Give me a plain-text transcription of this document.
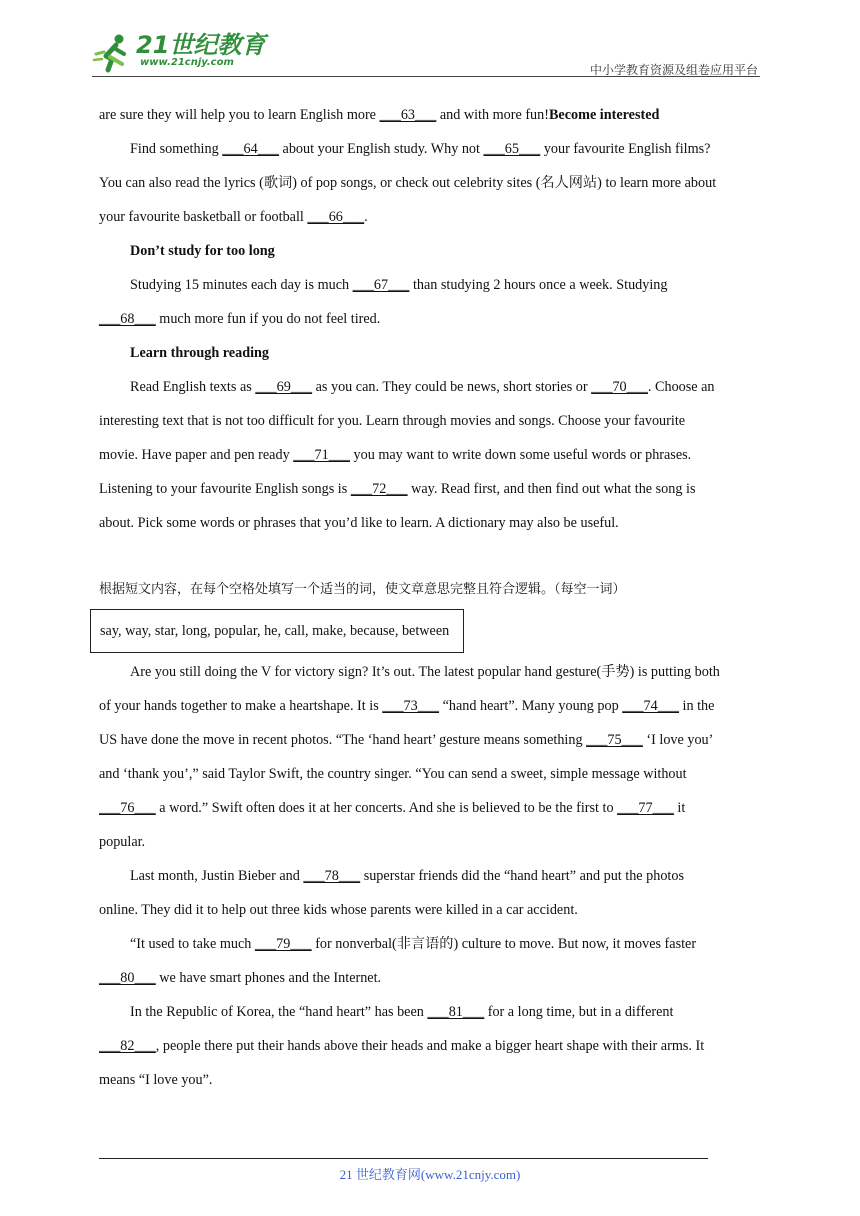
21世纪教育
www.21cnjy.com
中小学教育资源及组卷应用平台
are sure they will help you to learn English more ___63___ and with more fun!Become interested
Find something ___64___ about your English study. Why not ___65___ your favourite English films?
You can also read the lyrics (歌词) of pop songs, or check out celebrity sites (名人网站) to learn more about
your favourite basketball or football ___66___.
Don’t study for too long
Studying 15 minutes each day is much ___67___ than studying 2 hours once a week. Studying
___68___ much more fun if you do not feel tired.
Learn through reading
Read English texts as ___69___ as you can. They could be news, short stories or ___70___. Choose an
interesting text that is not too difficult for you. Learn through movies and songs. Choose your favourite
movie. Have paper and pen ready ___71___ you may want to write down some useful words or phrases.
Listening to your favourite English songs is ___72___ way. Read first, and then find out what the song is
about. Pick some words or phrases that you’d like to learn. A dictionary may also be useful.
根据短文内容，在每个空格处填写一个适当的词，使文章意思完整且符合逻辑。（每空一词）
say, way, star, long, popular, he, call, make, because, between
Are you still doing the V for victory sign? It’s out. The latest popular hand gesture(手势) is putting both
of your hands together to make a heartshape. It is ___73___ “hand heart”. Many young pop ___74___ in the
US have done the move in recent photos. “The ‘hand heart’ gesture means something ___75___ ‘I love you’
and ‘thank you’,” said Taylor Swift, the country singer. “You can send a sweet, simple message without
___76___ a word.” Swift often does it at her concerts. And she is believed to be the first to ___77___ it
popular.
Last month, Justin Bieber and ___78___ superstar friends did the “hand heart” and put the photos
online. They did it to help out three kids whose parents were killed in a car accident.
“It used to take much ___79___ for nonverbal(非言语的) culture to move. But now, it moves faster
___80___ we have smart phones and the Internet.
In the Republic of Korea, the “hand heart” has been ___81___ for a long time, but in a different
___82___, people there put their hands above their heads and make a bigger heart shape with their arms. It
means “I love you”.
21 世纪教育网(www.21cnjy.com)
